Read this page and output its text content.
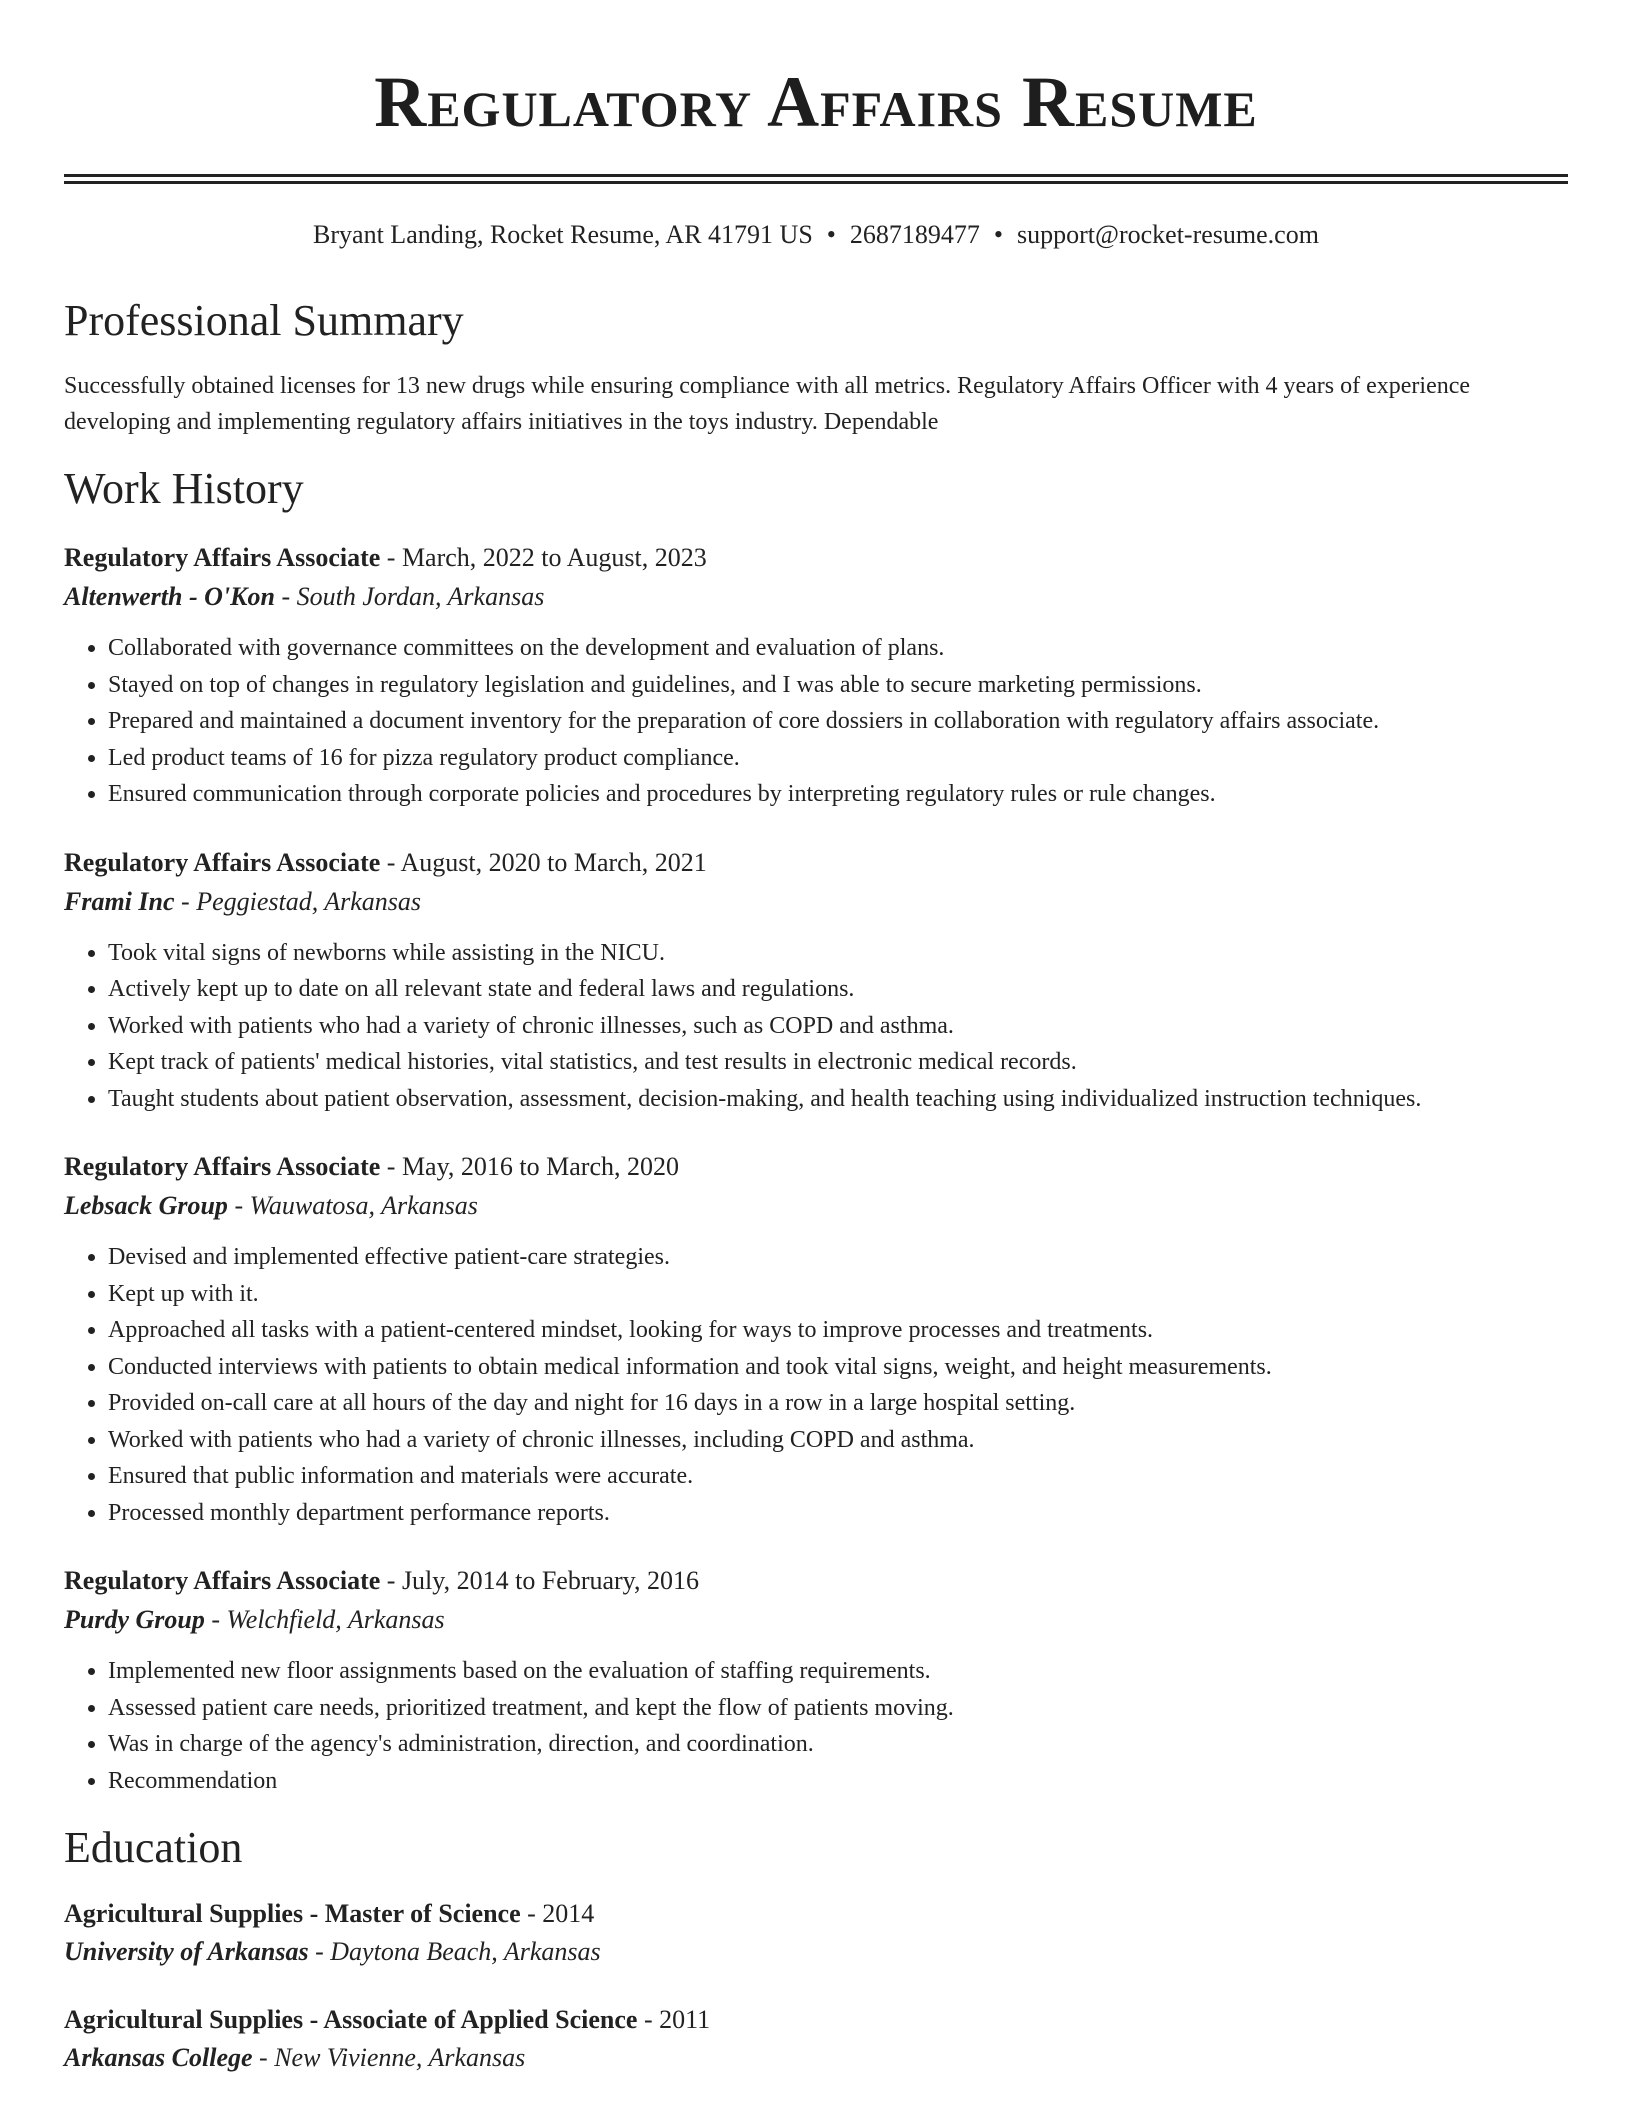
Regulatory Affairs Resume
Bryant Landing, Rocket Resume, AR 41791 US • 2687189477 • support@rocket-resume.com
Professional Summary

Successfully obtained licenses for 13 new drugs while ensuring compliance with all metrics. Regulatory Affairs Officer with 4 years of experience developing and implementing regulatory affairs initiatives in the toys industry. Dependable

Work History
Regulatory Affairs Associate - March, 2022 to August, 2023
Altenwerth - O'Kon - South Jordan, Arkansas
• Collaborated with governance committees on the development and evaluation of plans.
• Stayed on top of changes in regulatory legislation and guidelines, and I was able to secure marketing permissions.
• Prepared and maintained a document inventory for the preparation of core dossiers in collaboration with regulatory affairs associate.
• Led product teams of 16 for pizza regulatory product compliance.
• Ensured communication through corporate policies and procedures by interpreting regulatory rules or rule changes.
Regulatory Affairs Associate - August, 2020 to March, 2021
Frami Inc - Peggiestad, Arkansas
• Took vital signs of newborns while assisting in the NICU.
• Actively kept up to date on all relevant state and federal laws and regulations.
• Worked with patients who had a variety of chronic illnesses, such as COPD and asthma.
• Kept track of patients' medical histories, vital statistics, and test results in electronic medical records.
• Taught students about patient observation, assessment, decision-making, and health teaching using individualized instruction techniques.
Regulatory Affairs Associate - May, 2016 to March, 2020
Lebsack Group - Wauwatosa, Arkansas
• Devised and implemented effective patient-care strategies.
• Kept up with it.
• Approached all tasks with a patient-centered mindset, looking for ways to improve processes and treatments.
• Conducted interviews with patients to obtain medical information and took vital signs, weight, and height measurements.
• Provided on-call care at all hours of the day and night for 16 days in a row in a large hospital setting.
• Worked with patients who had a variety of chronic illnesses, including COPD and asthma.
• Ensured that public information and materials were accurate.
• Processed monthly department performance reports.
Regulatory Affairs Associate - July, 2014 to February, 2016
Purdy Group - Welchfield, Arkansas
• Implemented new floor assignments based on the evaluation of staffing requirements.
• Assessed patient care needs, prioritized treatment, and kept the flow of patients moving.
• Was in charge of the agency's administration, direction, and coordination.
• Recommendation
Education
Agricultural Supplies - Master of Science - 2014
University of Arkansas - Daytona Beach, Arkansas
Agricultural Supplies - Associate of Applied Science - 2011
Arkansas College - New Vivienne, Arkansas
